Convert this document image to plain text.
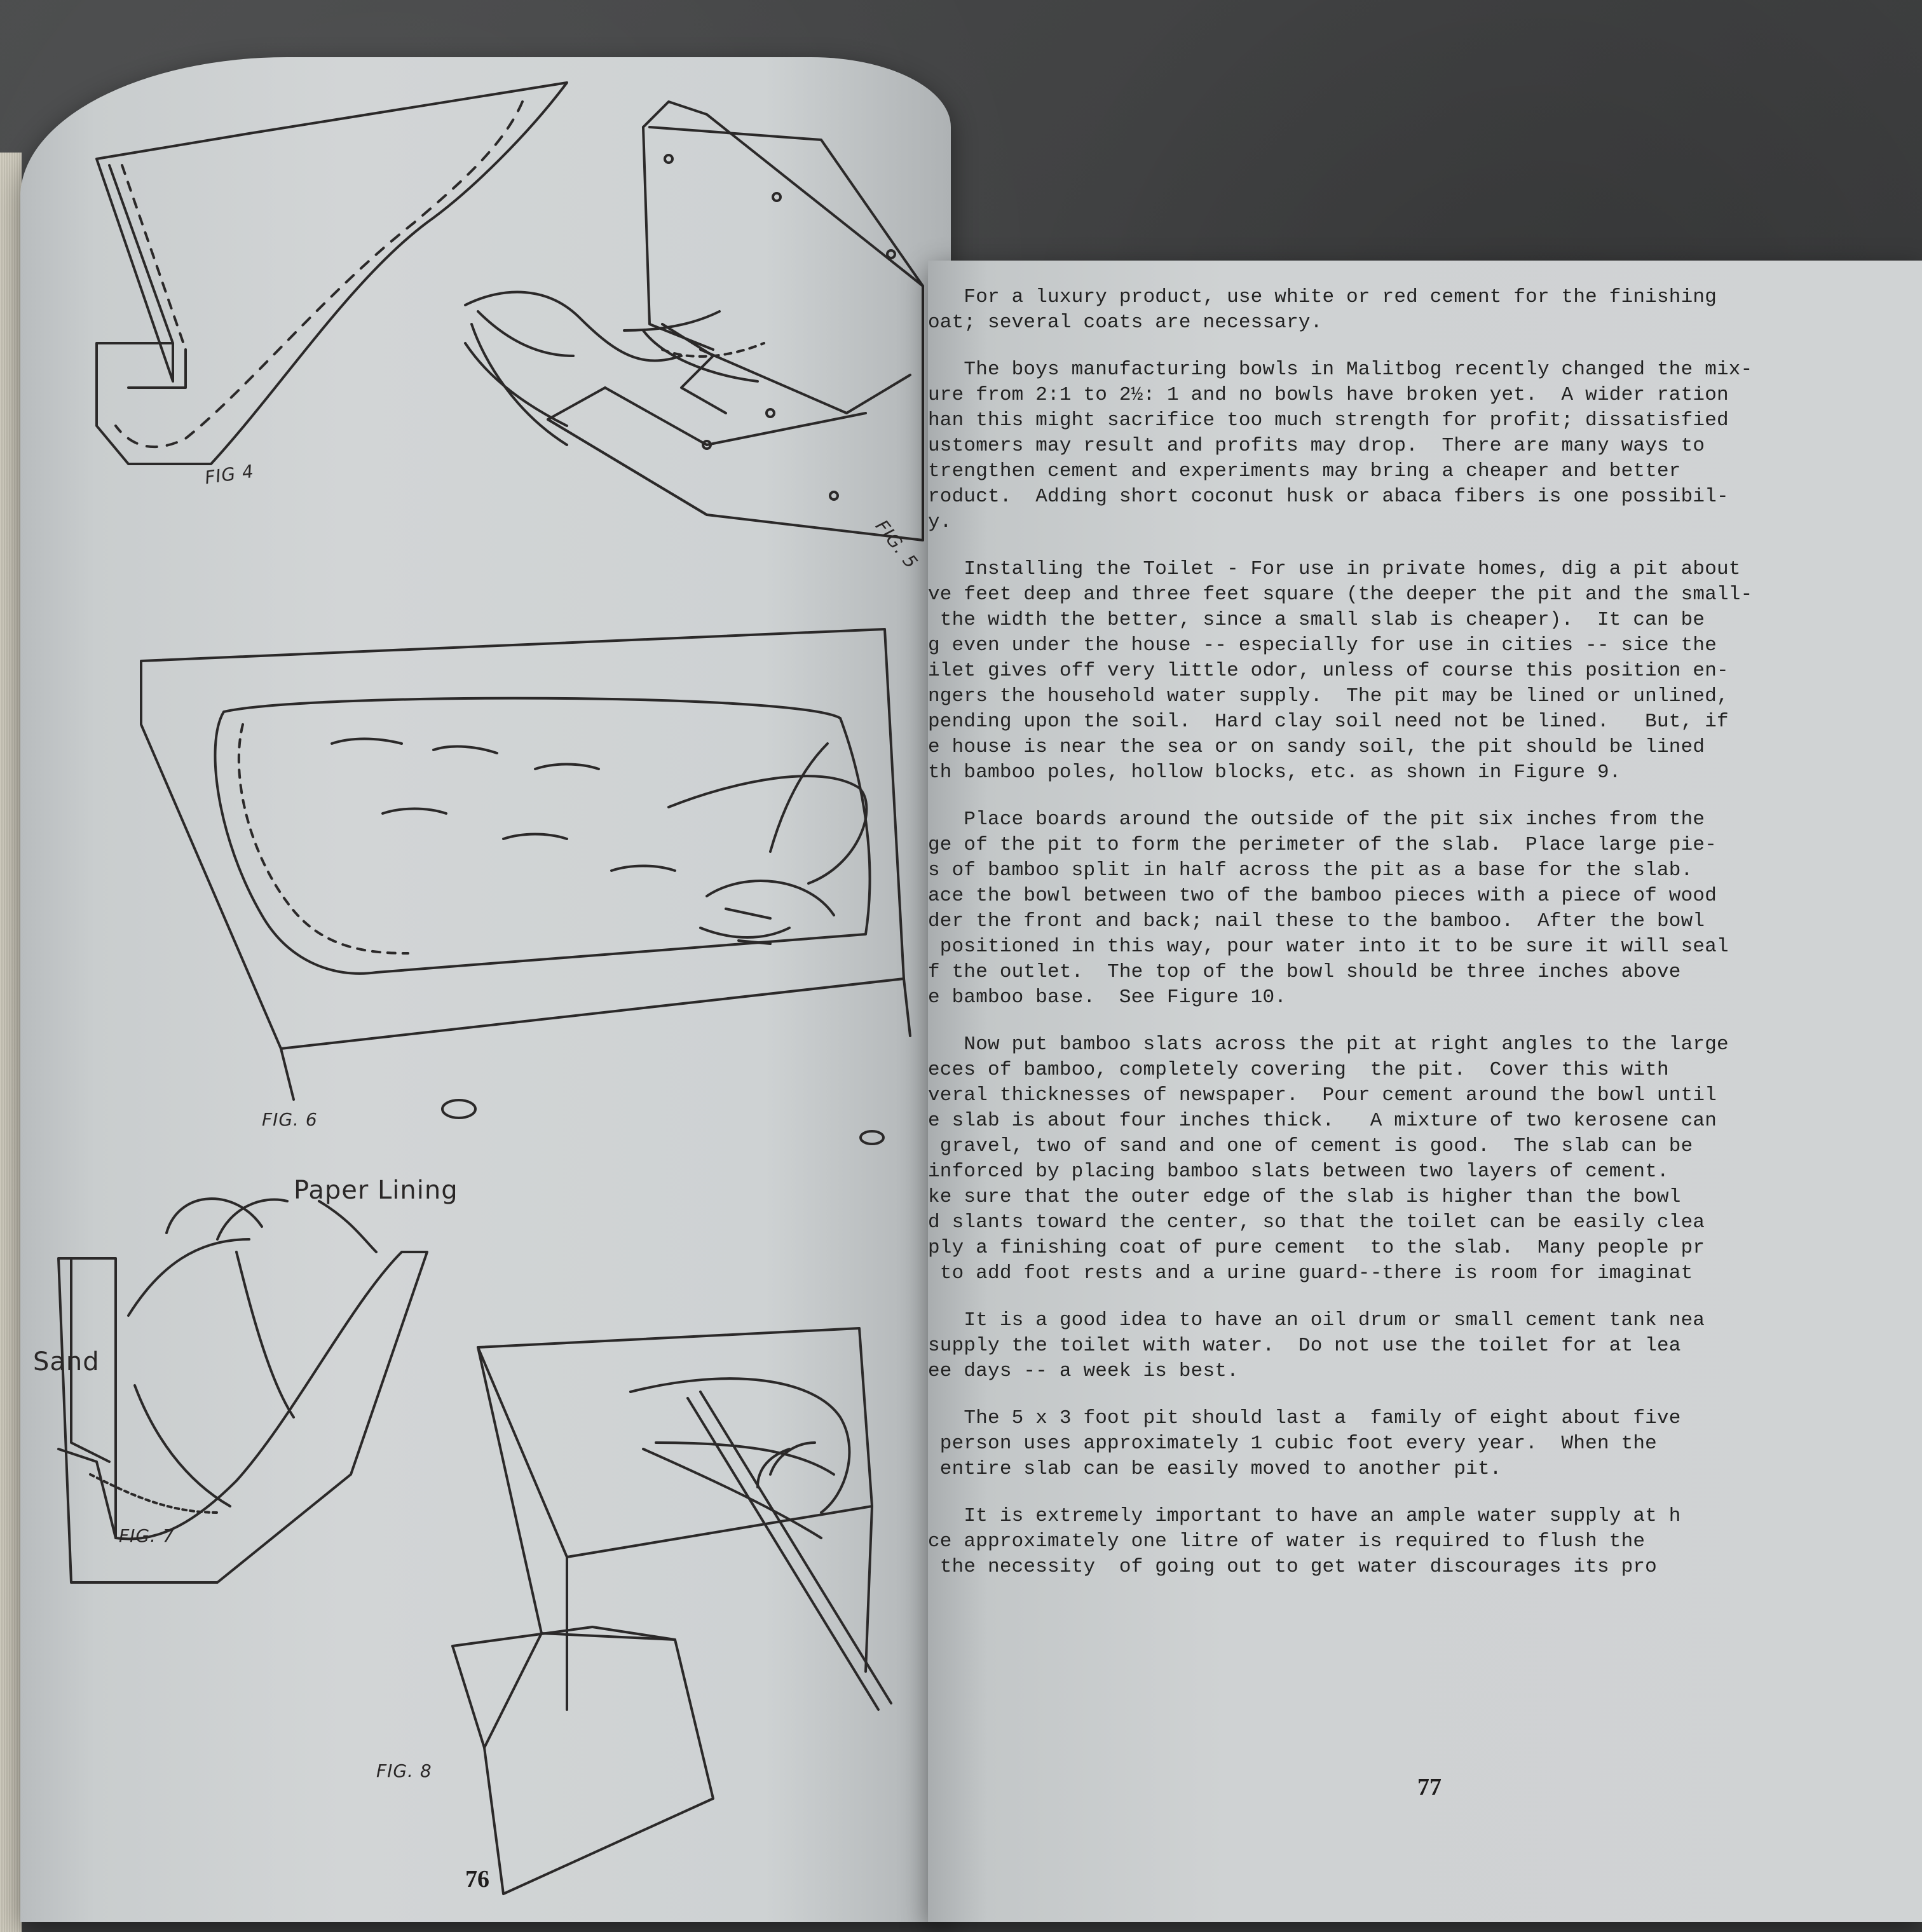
FIG 4
FIG. 5
FIG. 6
Paper Lining
Sand
FIG. 7
FIG. 8
76
For a luxury product, use white or red cement for the finishing
oat; several coats are necessary.
The boys manufacturing bowls in Malitbog recently changed the mix-
ure from 2:1 to 2½: 1 and no bowls have broken yet.  A wider ration
han this might sacrifice too much strength for profit; dissatisfied
ustomers may result and profits may drop.  There are many ways to
trengthen cement and experiments may bring a cheaper and better
roduct.  Adding short coconut husk or abaca fibers is one possibil-
y.
Installing the Toilet - For use in private homes, dig a pit about
ve feet deep and three feet square (the deeper the pit and the small-
the width the better, since a small slab is cheaper).  It can be
g even under the house -- especially for use in cities -- sice the
ilet gives off very little odor, unless of course this position en-
ngers the household water supply.  The pit may be lined or unlined,
pending upon the soil.  Hard clay soil need not be lined.   But, if
e house is near the sea or on sandy soil, the pit should be lined
th bamboo poles, hollow blocks, etc. as shown in Figure 9.
Place boards around the outside of the pit six inches from the
ge of the pit to form the perimeter of the slab.  Place large pie-
s of bamboo split in half across the pit as a base for the slab.
ace the bowl between two of the bamboo pieces with a piece of wood
der the front and back; nail these to the bamboo.  After the bowl
positioned in this way, pour water into it to be sure it will seal
f the outlet.  The top of the bowl should be three inches above
e bamboo base.  See Figure 10.
Now put bamboo slats across the pit at right angles to the large
eces of bamboo, completely covering  the pit.  Cover this with
veral thicknesses of newspaper.  Pour cement around the bowl until
e slab is about four inches thick.   A mixture of two kerosene can
gravel, two of sand and one of cement is good.  The slab can be
inforced by placing bamboo slats between two layers of cement.
ke sure that the outer edge of the slab is higher than the bowl
d slants toward the center, so that the toilet can be easily clea
ply a finishing coat of pure cement  to the slab.  Many people pr
to add foot rests and a urine guard--there is room for imaginat
It is a good idea to have an oil drum or small cement tank nea
supply the toilet with water.  Do not use the toilet for at lea
ee days -- a week is best.
The 5 x 3 foot pit should last a  family of eight about five
person uses approximately 1 cubic foot every year.  When the
entire slab can be easily moved to another pit.
It is extremely important to have an ample water supply at h
ce approximately one litre of water is required to flush the
the necessity  of going out to get water discourages its pro
77
